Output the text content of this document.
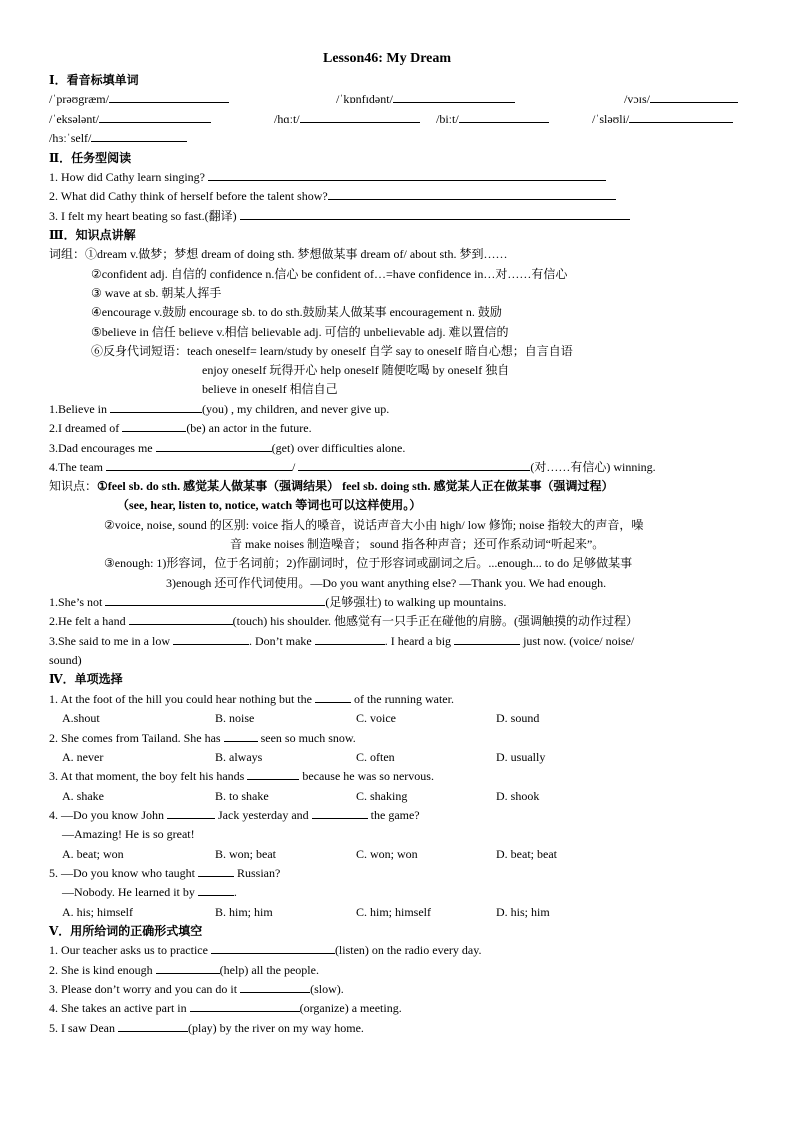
Lesson46: My Dream
Ⅰ．看音标填单词
/ˈprəʊgræm/	/ˈkɒnfɪdənt/	/vɔɪs/
/ˈeksələnt/	/hɑːt/	/biːt/	/ˈsləʊli/
/hɜːˈself/
Ⅱ．任务型阅读
1. How did Cathy learn singing?
2. What did Cathy think of herself before the talent show?
3. I felt my heart beating so fast.(翻译)
Ⅲ．知识点讲解
词组：①dream v.做梦；梦想 dream of doing sth. 梦想做某事 dream of/ about sth. 梦到……
②confident adj. 自信的 confidence n.信心 be confident of…=have confidence in…对……有信心
③ wave at sb. 朝某人挥手
④encourage v.鼓励 encourage sb. to do sth.鼓励某人做某事 encouragement n. 鼓励
⑤believe in 信任 believe v.相信 believable adj. 可信的 unbelievable adj. 难以置信的
⑥反身代词短语：teach oneself= learn/study by oneself 自学 say to oneself 暗自心想；自言自语
enjoy oneself 玩得开心 help oneself 随便吃喝 by oneself 独自
believe in oneself 相信自己
1.Believe in	(you) , my children, and never give up.
2.I dreamed of	(be) an actor in the future.
3.Dad encourages me	(get) over difficulties alone.
4.The team	/	(对……有信心) winning.
知识点：①feel sb. do sth. 感觉某人做某事（强调结果） feel sb. doing sth. 感觉某人正在做某事（强调过程）
（see, hear, listen to, notice, watch 等词也可以这样使用。）
②voice, noise, sound 的区别: voice 指人的嗓音，说话声音大小由 high/ low 修饰; noise 指较大的声音，噪
音 make noises 制造噪音； sound 指各种声音；还可作系动词“听起来”。
③enough: 1)形容词，位于名词前；2)作副词时，位于形容词或副词之后。...enough... to do 足够做某事
3)enough 还可作代词使用。—Do you want anything else? —Thank you. We had enough.
1.She’s not	(足够强壮) to walking up mountains.
2.He felt a hand	(touch) his shoulder. 他感觉有一只手正在碰他的肩膀。(强调触摸的动作过程）
3.She said to me in a low	. Don’t make	. I heard a big	just now. (voice/ noise/
sound)
Ⅳ．单项选择
1. At the foot of the hill you could hear nothing but the	of the running water.
A.shout	B. noise	C. voice	D. sound
2. She comes from Tailand. She has	seen so much snow.
A. never	B. always	C. often	D. usually
3. At that moment, the boy felt his hands	because he was so nervous.
A. shake	B. to shake	C. shaking	D. shook
4. —Do you know John	Jack yesterday and	the game?
—Amazing! He is so great!
A. beat; won	B. won; beat	C. won; won	D. beat; beat
5. —Do you know who taught	Russian?
—Nobody. He learned it by	.
A. his; himself	B. him; him	C. him; himself	D. his; him
Ⅴ．用所给词的正确形式填空
1. Our teacher asks us to practice	(listen) on the radio every day.
2. She is kind enough	(help) all the people.
3. Please don’t worry and you can do it	(slow).
4. She takes an active part in	(organize) a meeting.
5. I saw Dean	(play) by the river on my way home.
